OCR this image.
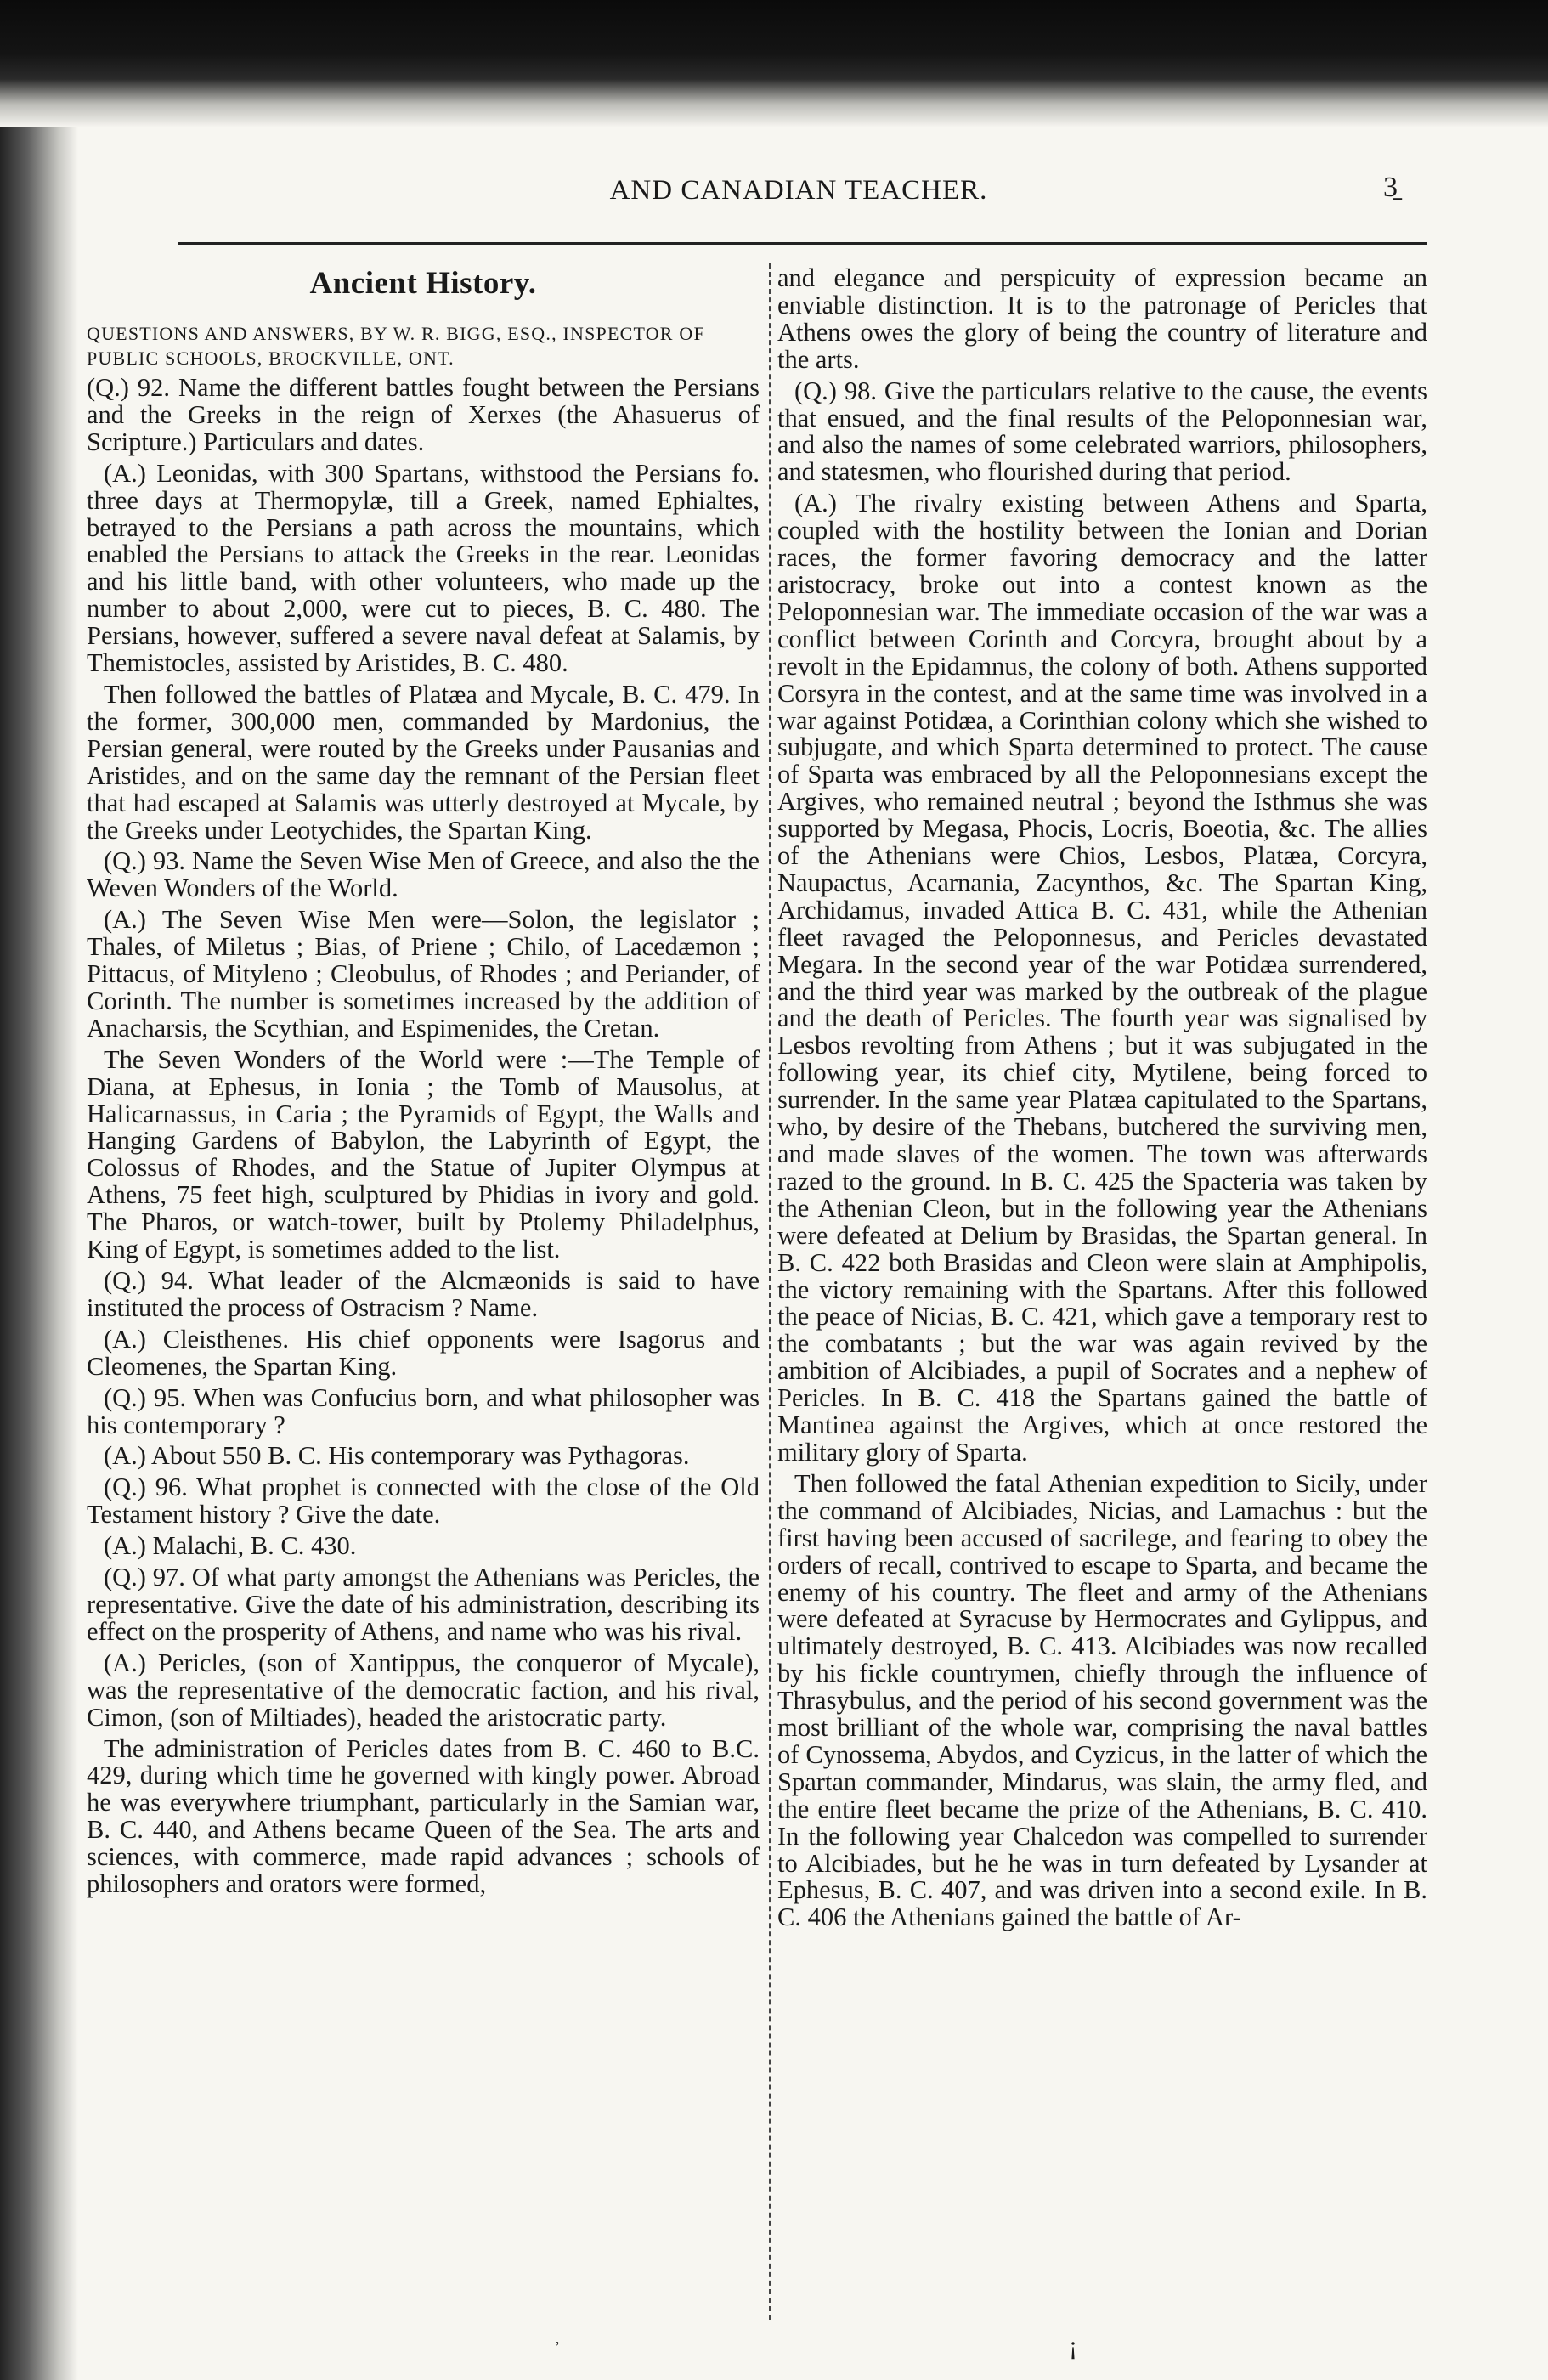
AND CANADIAN TEACHER.	3̱
Ancient History.

QUESTIONS AND ANSWERS, BY W. R. BIGG, ESQ., INSPECTOR OF PUBLIC SCHOOLS, BROCKVILLE, ONT.

(Q.) 92. Name the different battles fought between the Persians and the Greeks in the reign of Xerxes (the Ahasuerus of Scripture.) Particulars and dates.

(A.) Leonidas, with 300 Spartans, withstood the Persians fo. three days at Thermopylæ, till a Greek, named Ephialtes, betrayed to the Persians a path across the mountains, which enabled the Persians to attack the Greeks in the rear. Leonidas and his little band, with other volunteers, who made up the number to about 2,000, were cut to pieces, B. C. 480. The Persians, however, suffered a severe naval defeat at Salamis, by Themistocles, assisted by Aristides, B. C. 480.

Then followed the battles of Platæa and Mycale, B. C. 479. In the former, 300,000 men, commanded by Mardonius, the Persian general, were routed by the Greeks under Pausanias and Aristides, and on the same day the remnant of the Persian fleet that had escaped at Salamis was utterly destroyed at Mycale, by the Greeks under Leotychides, the Spartan King.

(Q.) 93. Name the Seven Wise Men of Greece, and also the the Weven Wonders of the World.

(A.) The Seven Wise Men were—Solon, the legislator ; Thales, of Miletus ; Bias, of Priene ; Chilo, of Lacedæmon ; Pittacus, of Mityleno ; Cleobulus, of Rhodes ; and Periander, of Corinth. The number is sometimes increased by the addition of Anacharsis, the Scythian, and Espimenides, the Cretan.

The Seven Wonders of the World were :—The Temple of Diana, at Ephesus, in Ionia ; the Tomb of Mausolus, at Halicarnassus, in Caria ; the Pyramids of Egypt, the Walls and Hanging Gardens of Babylon, the Labyrinth of Egypt, the Colossus of Rhodes, and the Statue of Jupiter Olympus at Athens, 75 feet high, sculptured by Phidias in ivory and gold. The Pharos, or watch-tower, built by Ptolemy Philadelphus, King of Egypt, is sometimes added to the list.

(Q.) 94. What leader of the Alcmæonids is said to have instituted the process of Ostracism ? Name.

(A.) Cleisthenes. His chief opponents were Isagorus and Cleomenes, the Spartan King.

(Q.) 95. When was Confucius born, and what philosopher was his contemporary ?

(A.) About 550 B. C. His contemporary was Pythagoras.

(Q.) 96. What prophet is connected with the close of the Old Testament history ? Give the date.

(A.) Malachi, B. C. 430.

(Q.) 97. Of what party amongst the Athenians was Pericles, the representative. Give the date of his administration, describing its effect on the prosperity of Athens, and name who was his rival.

(A.) Pericles, (son of Xantippus, the conqueror of Mycale), was the representative of the democratic faction, and his rival, Cimon, (son of Miltiades), headed the aristocratic party.

The administration of Pericles dates from B. C. 460 to B.C. 429, during which time he governed with kingly power. Abroad he was everywhere triumphant, particularly in the Samian war, B. C. 440, and Athens became Queen of the Sea. The arts and sciences, with commerce, made rapid advances ; schools of philosophers and orators were formed,

and elegance and perspicuity of expression became an enviable distinction. It is to the patronage of Pericles that Athens owes the glory of being the country of literature and the arts.

(Q.) 98. Give the particulars relative to the cause, the events that ensued, and the final results of the Peloponnesian war, and also the names of some celebrated warriors, philosophers, and statesmen, who flourished during that period.

(A.) The rivalry existing between Athens and Sparta, coupled with the hostility between the Ionian and Dorian races, the former favoring democracy and the latter aristocracy, broke out into a contest known as the Peloponnesian war. The immediate occasion of the war was a conflict between Corinth and Corcyra, brought about by a revolt in the Epidamnus, the colony of both. Athens supported Corsyra in the contest, and at the same time was involved in a war against Potidæa, a Corinthian colony which she wished to subjugate, and which Sparta determined to protect. The cause of Sparta was embraced by all the Peloponnesians except the Argives, who remained neutral ; beyond the Isthmus she was supported by Megasa, Phocis, Locris, Boeotia, &c. The allies of the Athenians were Chios, Lesbos, Platæa, Corcyra, Naupactus, Acarnania, Zacynthos, &c. The Spartan King, Archidamus, invaded Attica B. C. 431, while the Athenian fleet ravaged the Peloponnesus, and Pericles devastated Megara. In the second year of the war Potidæa surrendered, and the third year was marked by the outbreak of the plague and the death of Pericles. The fourth year was signalised by Lesbos revolting from Athens ; but it was subjugated in the following year, its chief city, Mytilene, being forced to surrender. In the same year Platæa capitulated to the Spartans, who, by desire of the Thebans, butchered the surviving men, and made slaves of the women. The town was afterwards razed to the ground. In B. C. 425 the Spacteria was taken by the Athenian Cleon, but in the following year the Athenians were defeated at Delium by Brasidas, the Spartan general. In B. C. 422 both Brasidas and Cleon were slain at Amphipolis, the victory remaining with the Spartans. After this followed the peace of Nicias, B. C. 421, which gave a temporary rest to the combatants ; but the war was again revived by the ambition of Alcibiades, a pupil of Socrates and a nephew of Pericles. In B. C. 418 the Spartans gained the battle of Mantinea against the Argives, which at once restored the military glory of Sparta.

Then followed the fatal Athenian expedition to Sicily, under the command of Alcibiades, Nicias, and Lamachus : but the first having been accused of sacrilege, and fearing to obey the orders of recall, contrived to escape to Sparta, and became the enemy of his country. The fleet and army of the Athenians were defeated at Syracuse by Hermocrates and Gylippus, and ultimately destroyed, B. C. 413. Alcibiades was now recalled by his fickle countrymen, chiefly through the influence of Thrasybulus, and the period of his second government was the most brilliant of the whole war, comprising the naval battles of Cynossema, Abydos, and Cyzicus, in the latter of which the Spartan commander, Mindarus, was slain, the army fled, and the entire fleet became the prize of the Athenians, B. C. 410. In the following year Chalcedon was compelled to surrender to Alcibiades, but he he was in turn defeated by Lysander at Ephesus, B. C. 407, and was driven into a second exile. In B. C. 406 the Athenians gained the battle of Ar-

¡
ʼ
